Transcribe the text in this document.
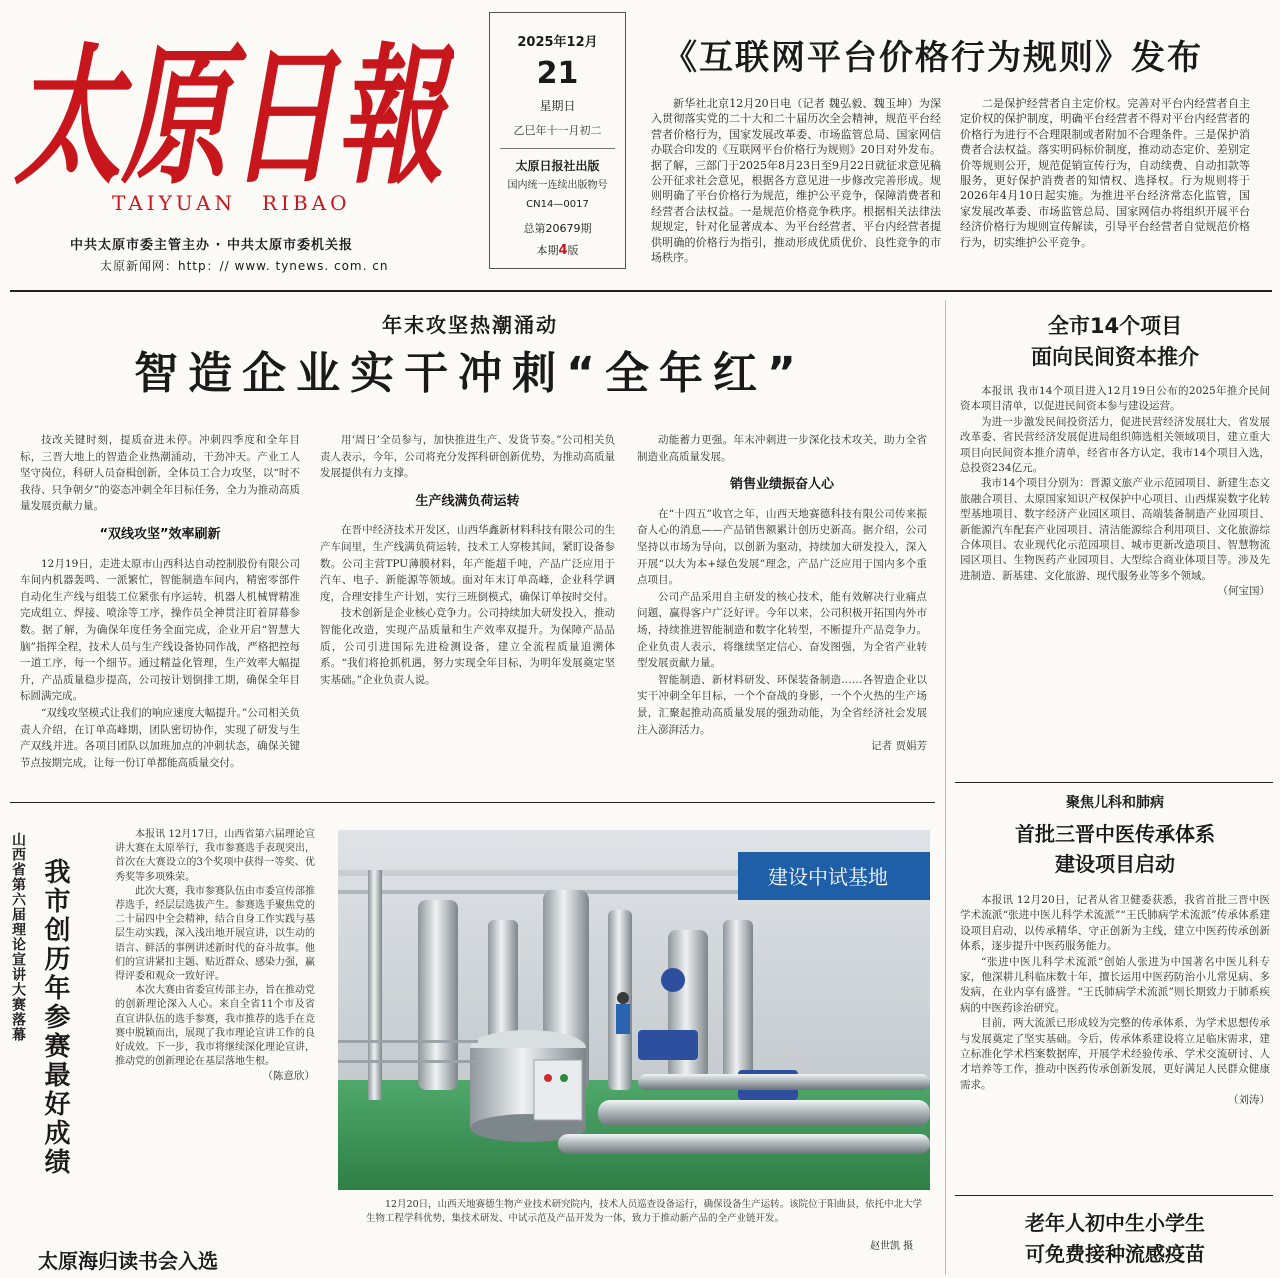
太原日報
TAIYUAN RIBAO
中共太原市委主管主办 · 中共太原市委机关报
太原新闻网：http：// www. tynews. com. cn
2025年12月
21
星期日
乙巳年十一月初二
太原日报社出版
国内统一连续出版物号
CN14—0017
总第20679期
本期4版
《互联网平台价格行为规则》发布
新华社北京12月20日电（记者 魏弘毅、魏玉坤）为深入贯彻落实党的二十大和二十届历次全会精神，规范平台经营者价格行为，国家发展改革委、市场监管总局、国家网信办联合印发的《互联网平台价格行为规则》20日对外发布。据了解，三部门于2025年8月23日至9月22日就征求意见稿公开征求社会意见，根据各方意见进一步修改完善形成。规则明确了平台价格行为规范，维护公平竞争，保障消费者和经营者合法权益。一是规范价格竞争秩序。根据相关法律法规规定，针对化显著成本、为平台经营者、平台内经营者提供明确的价格行为指引，推动形成优质优价、良性竞争的市场秩序。
二是保护经营者自主定价权。完善对平台内经营者自主定价权的保护制度，明确平台经营者不得对平台内经营者的价格行为进行不合理限制或者附加不合理条件。三是保护消费者合法权益。落实明码标价制度，推动动态定价、差别定价等规则公开，规范促销宣传行为，自动续费、自动扣款等服务，更好保护消费者的知情权、选择权。行为规则将于2026年4月10日起实施。为推进平台经济常态化监管，国家发展改革委、市场监管总局、国家网信办将组织开展平台经济价格行为规则宣传解读，引导平台经营者自觉规范价格行为，切实维护公平竞争。
年末攻坚热潮涌动
智造企业实干冲刺“全年红”

技改关键时刻，提质奋进未停。冲刺四季度和全年目标，三晋大地上的智造企业热潮涌动，干劲冲天。产业工人坚守岗位，科研人员奋楫创新，全体员工合力攻坚，以“时不我待、只争朝夕”的姿态冲刺全年目标任务，全力为推动高质量发展贡献力量。

“双线攻坚”效率刷新

12月19日，走进太原市山西科达自动控制股份有限公司车间内机器轰鸣、一派繁忙，智能制造车间内，精密零部件自动化生产线与组装工位紧张有序运转，机器人机械臂精准完成组立、焊接、喷涂等工序，操作员全神贯注盯着屏幕参数。据了解，为确保年度任务全面完成，企业开启“智慧大脑”指挥全程，技术人员与生产线设备协同作战，严格把控每一道工序，每一个细节。通过精益化管理，生产效率大幅提升，产品质量稳步提高，公司按计划倒排工期，确保全年目标圆满完成。

“双线攻坚模式让我们的响应速度大幅提升。”公司相关负责人介绍，在订单高峰期，团队密切协作，实现了研发与生产双线并进。各项目团队以加班加点的冲刺状态，确保关键节点按期完成，让每一份订单都能高质量交付。

用‘周日’全员参与，加快推进生产、发货节奏。”公司相关负责人表示，今年，公司将充分发挥科研创新优势，为推动高质量发展提供有力支撑。

生产线满负荷运转

在晋中经济技术开发区，山西华鑫新材料科技有限公司的生产车间里，生产线满负荷运转，技术工人穿梭其间，紧盯设备参数。公司主营TPU薄膜材料，年产能超千吨，产品广泛应用于汽车、电子、新能源等领域。面对年末订单高峰，企业科学调度，合理安排生产计划，实行三班倒模式，确保订单按时交付。

技术创新是企业核心竞争力。公司持续加大研发投入，推动智能化改造，实现产品质量和生产效率双提升。为保障产品品质，公司引进国际先进检测设备，建立全流程质量追溯体系。“我们将抢抓机遇，努力实现全年目标，为明年发展奠定坚实基础。”企业负责人说。

动能蓄力更强。年末冲刺进一步深化技术攻关，助力全省制造业高质量发展。

销售业绩振奋人心

在“十四五”收官之年，山西天地赛德科技有限公司传来振奋人心的消息——产品销售额累计创历史新高。据介绍，公司坚持以市场为导向，以创新为驱动，持续加大研发投入，深入开展“以大为本+绿色发展”理念，产品广泛应用于国内多个重点项目。

公司产品采用自主研发的核心技术，能有效解决行业痛点问题，赢得客户广泛好评。今年以来，公司积极开拓国内外市场，持续推进智能制造和数字化转型，不断提升产品竞争力。企业负责人表示，将继续坚定信心、奋发图强，为全省产业转型发展贡献力量。

智能制造、新材料研发、环保装备制造……各智造企业以实干冲刺全年目标，一个个奋战的身影，一个个火热的生产场景，汇聚起推动高质量发展的强劲动能，为全省经济社会发展注入澎湃活力。

记者 贾娟芳
全市14个项目
面向民间资本推介

本报讯 我市14个项目进入12月19日公布的2025年推介民间资本项目清单，以促进民间资本参与建设运营。

为进一步激发民间投资活力，促进民营经济发展壮大，省发展改革委、省民营经济发展促进局组织筛选相关领域项目，建立重大项目向民间资本推介清单，经省市各方认定，我市14个项目入选，总投资234亿元。

我市14个项目分别为：晋源文旅产业示范园项目、新建生态文旅融合项目、太原国家知识产权保护中心项目、山西煤炭数字化转型基地项目、数字经济产业园区项目、高端装备制造产业园项目、新能源汽车配套产业园项目、清洁能源综合利用项目、文化旅游综合体项目、农业现代化示范园项目、城市更新改造项目、智慧物流园区项目、生物医药产业园项目、大型综合商业体项目等。涉及先进制造、新基建、文化旅游、现代服务业等多个领域。

（何宝国）
聚焦儿科和肺病
首批三晋中医传承体系
建设项目启动

本报讯 12月20日，记者从省卫健委获悉，我省首批三晋中医学术流派“张进中医儿科学术流派”“王氏肺病学术流派”传承体系建设项目启动，以传承精华、守正创新为主线，建立中医药传承创新体系，逐步提升中医药服务能力。

“张进中医儿科学术流派”创始人张进为中国著名中医儿科专家，他深耕儿科临床数十年，擅长运用中医药防治小儿常见病、多发病，在业内享有盛誉。“王氏肺病学术流派”则长期致力于肺系疾病的中医药诊治研究。

目前，两大流派已形成较为完整的传承体系，为学术思想传承与发展奠定了坚实基础。今后，传承体系建设将立足临床需求，建立标准化学术档案数据库，开展学术经验传承、学术交流研讨、人才培养等工作，推动中医药传承创新发展，更好满足人民群众健康需求。

（刘涛）
老年人初中生小学生
可免费接种流感疫苗
山西省第六届理论宣讲大赛落幕 我市创历年参赛最好成绩

本报讯 12月17日，山西省第六届理论宣讲大赛在太原举行，我市参赛选手表现突出，首次在大赛设立的3个奖项中获得一等奖、优秀奖等多项殊荣。

此次大赛，我市参赛队伍由市委宣传部推荐选手，经层层选拔产生。参赛选手聚焦党的二十届四中全会精神，结合自身工作实践与基层生动实践，深入浅出地开展宣讲，以生动的语言、鲜活的事例讲述新时代的奋斗故事。他们的宣讲紧扣主题、贴近群众、感染力强，赢得评委和观众一致好评。

本次大赛由省委宣传部主办，旨在推动党的创新理论深入人心。来自全省11个市及省直宣讲队伍的选手参赛，我市推荐的选手在竞赛中脱颖而出，展现了我市理论宣讲工作的良好成效。下一步，我市将继续深化理论宣讲，推动党的创新理论在基层落地生根。

（陈意欣）
太原海归读书会入选
建设中试基地
12月20日，山西天地赛德生物产业技术研究院内，技术人员巡查设备运行，确保设备生产运转。该院位于阳曲县，依托中北大学生物工程学科优势，集技术研发、中试示范及产品开发为一体，致力于推动新产品的全产业链开发。
赵世凯 摄
